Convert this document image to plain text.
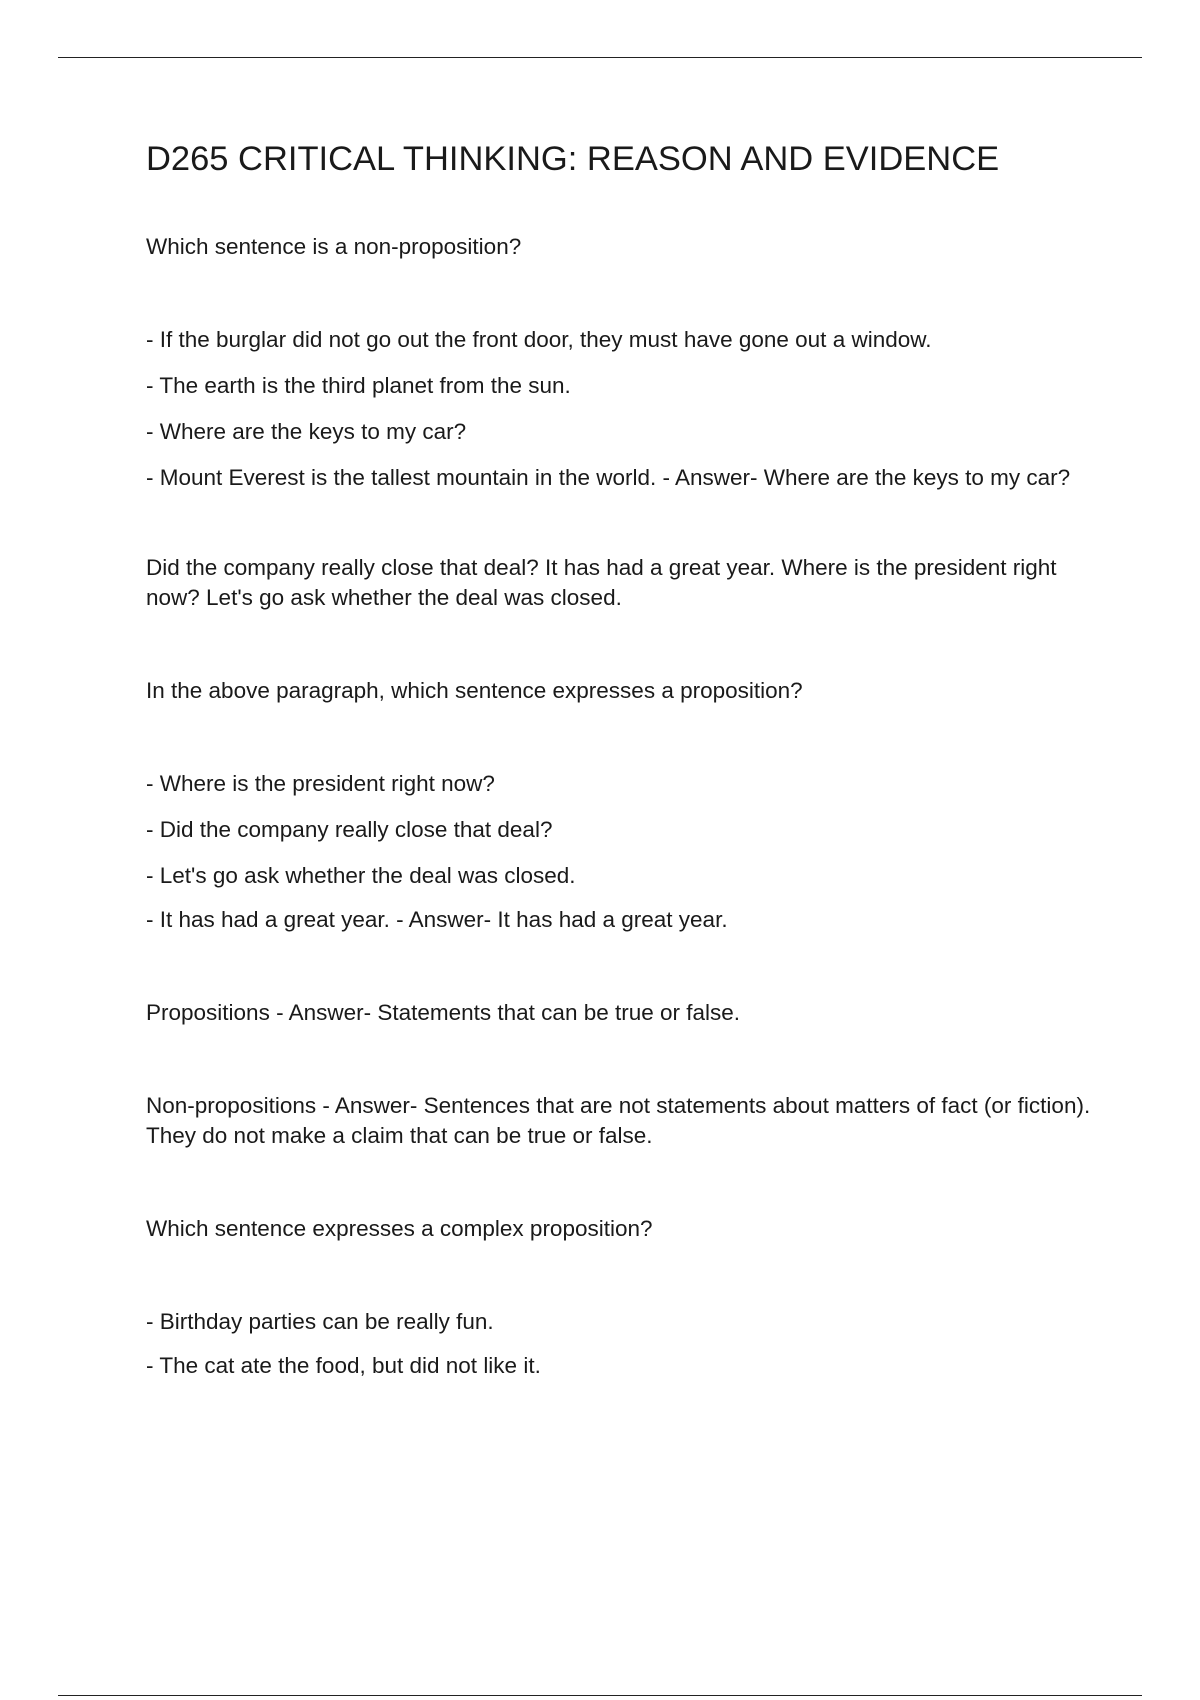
D265 CRITICAL THINKING: REASON AND EVIDENCE

Which sentence is a non-proposition?

- If the burglar did not go out the front door, they must have gone out a window.

- The earth is the third planet from the sun.

- Where are the keys to my car?

- Mount Everest is the tallest mountain in the world. - Answer- Where are the keys to my car?

Did the company really close that deal? It has had a great year. Where is the president right now? Let's go ask whether the deal was closed.

In the above paragraph, which sentence expresses a proposition?

- Where is the president right now?

- Did the company really close that deal?

- Let's go ask whether the deal was closed.

- It has had a great year. - Answer- It has had a great year.

Propositions - Answer- Statements that can be true or false.

Non-propositions - Answer- Sentences that are not statements about matters of fact (or fiction). They do not make a claim that can be true or false.

Which sentence expresses a complex proposition?

- Birthday parties can be really fun.

- The cat ate the food, but did not like it.
